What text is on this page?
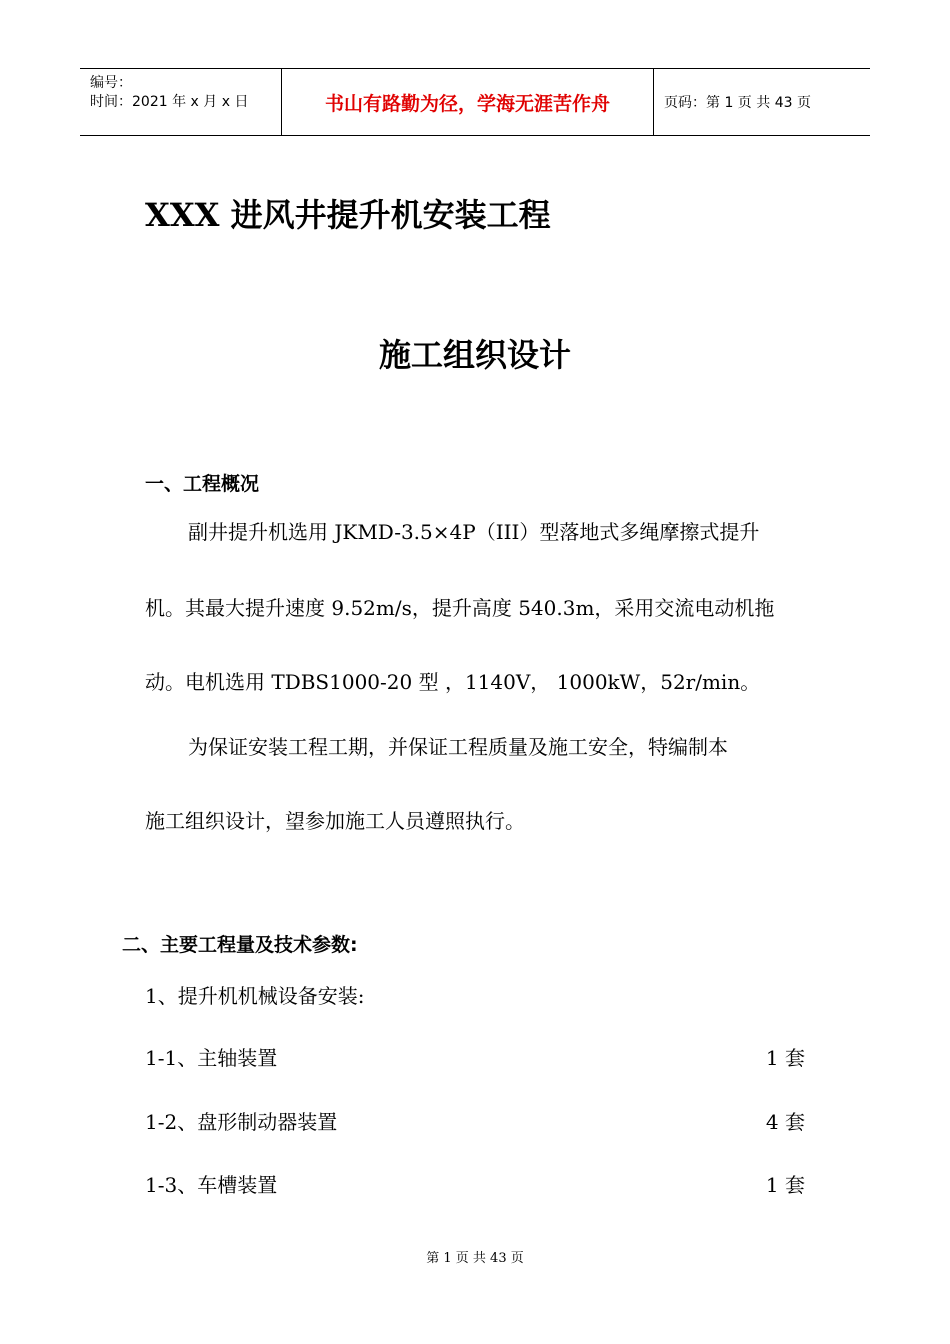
编号：
时间：2021 年 x 月 x 日	书山有路勤为径，学海无涯苦作舟	页码：第 1 页 共 43 页
XXX 进风井提升机安装工程
施工组织设计
一、工程概况
副井提升机选用 JKMD-3.5×4P（III）型落地式多绳摩擦式提升
机。其最大提升速度 9.52m/s，提升高度 540.3m，采用交流电动机拖
动。电机选用 TDBS1000-20 型 ，1140V， 1000kW，52r/min。
为保证安装工程工期，并保证工程质量及施工安全，特编制本
施工组织设计，望参加施工人员遵照执行。
二、主要工程量及技术参数:
1、提升机机械设备安装:
1-1、主轴装置	1 套
1-2、盘形制动器装置	4 套
1-3、车槽装置	1 套
第 1 页 共 43 页
